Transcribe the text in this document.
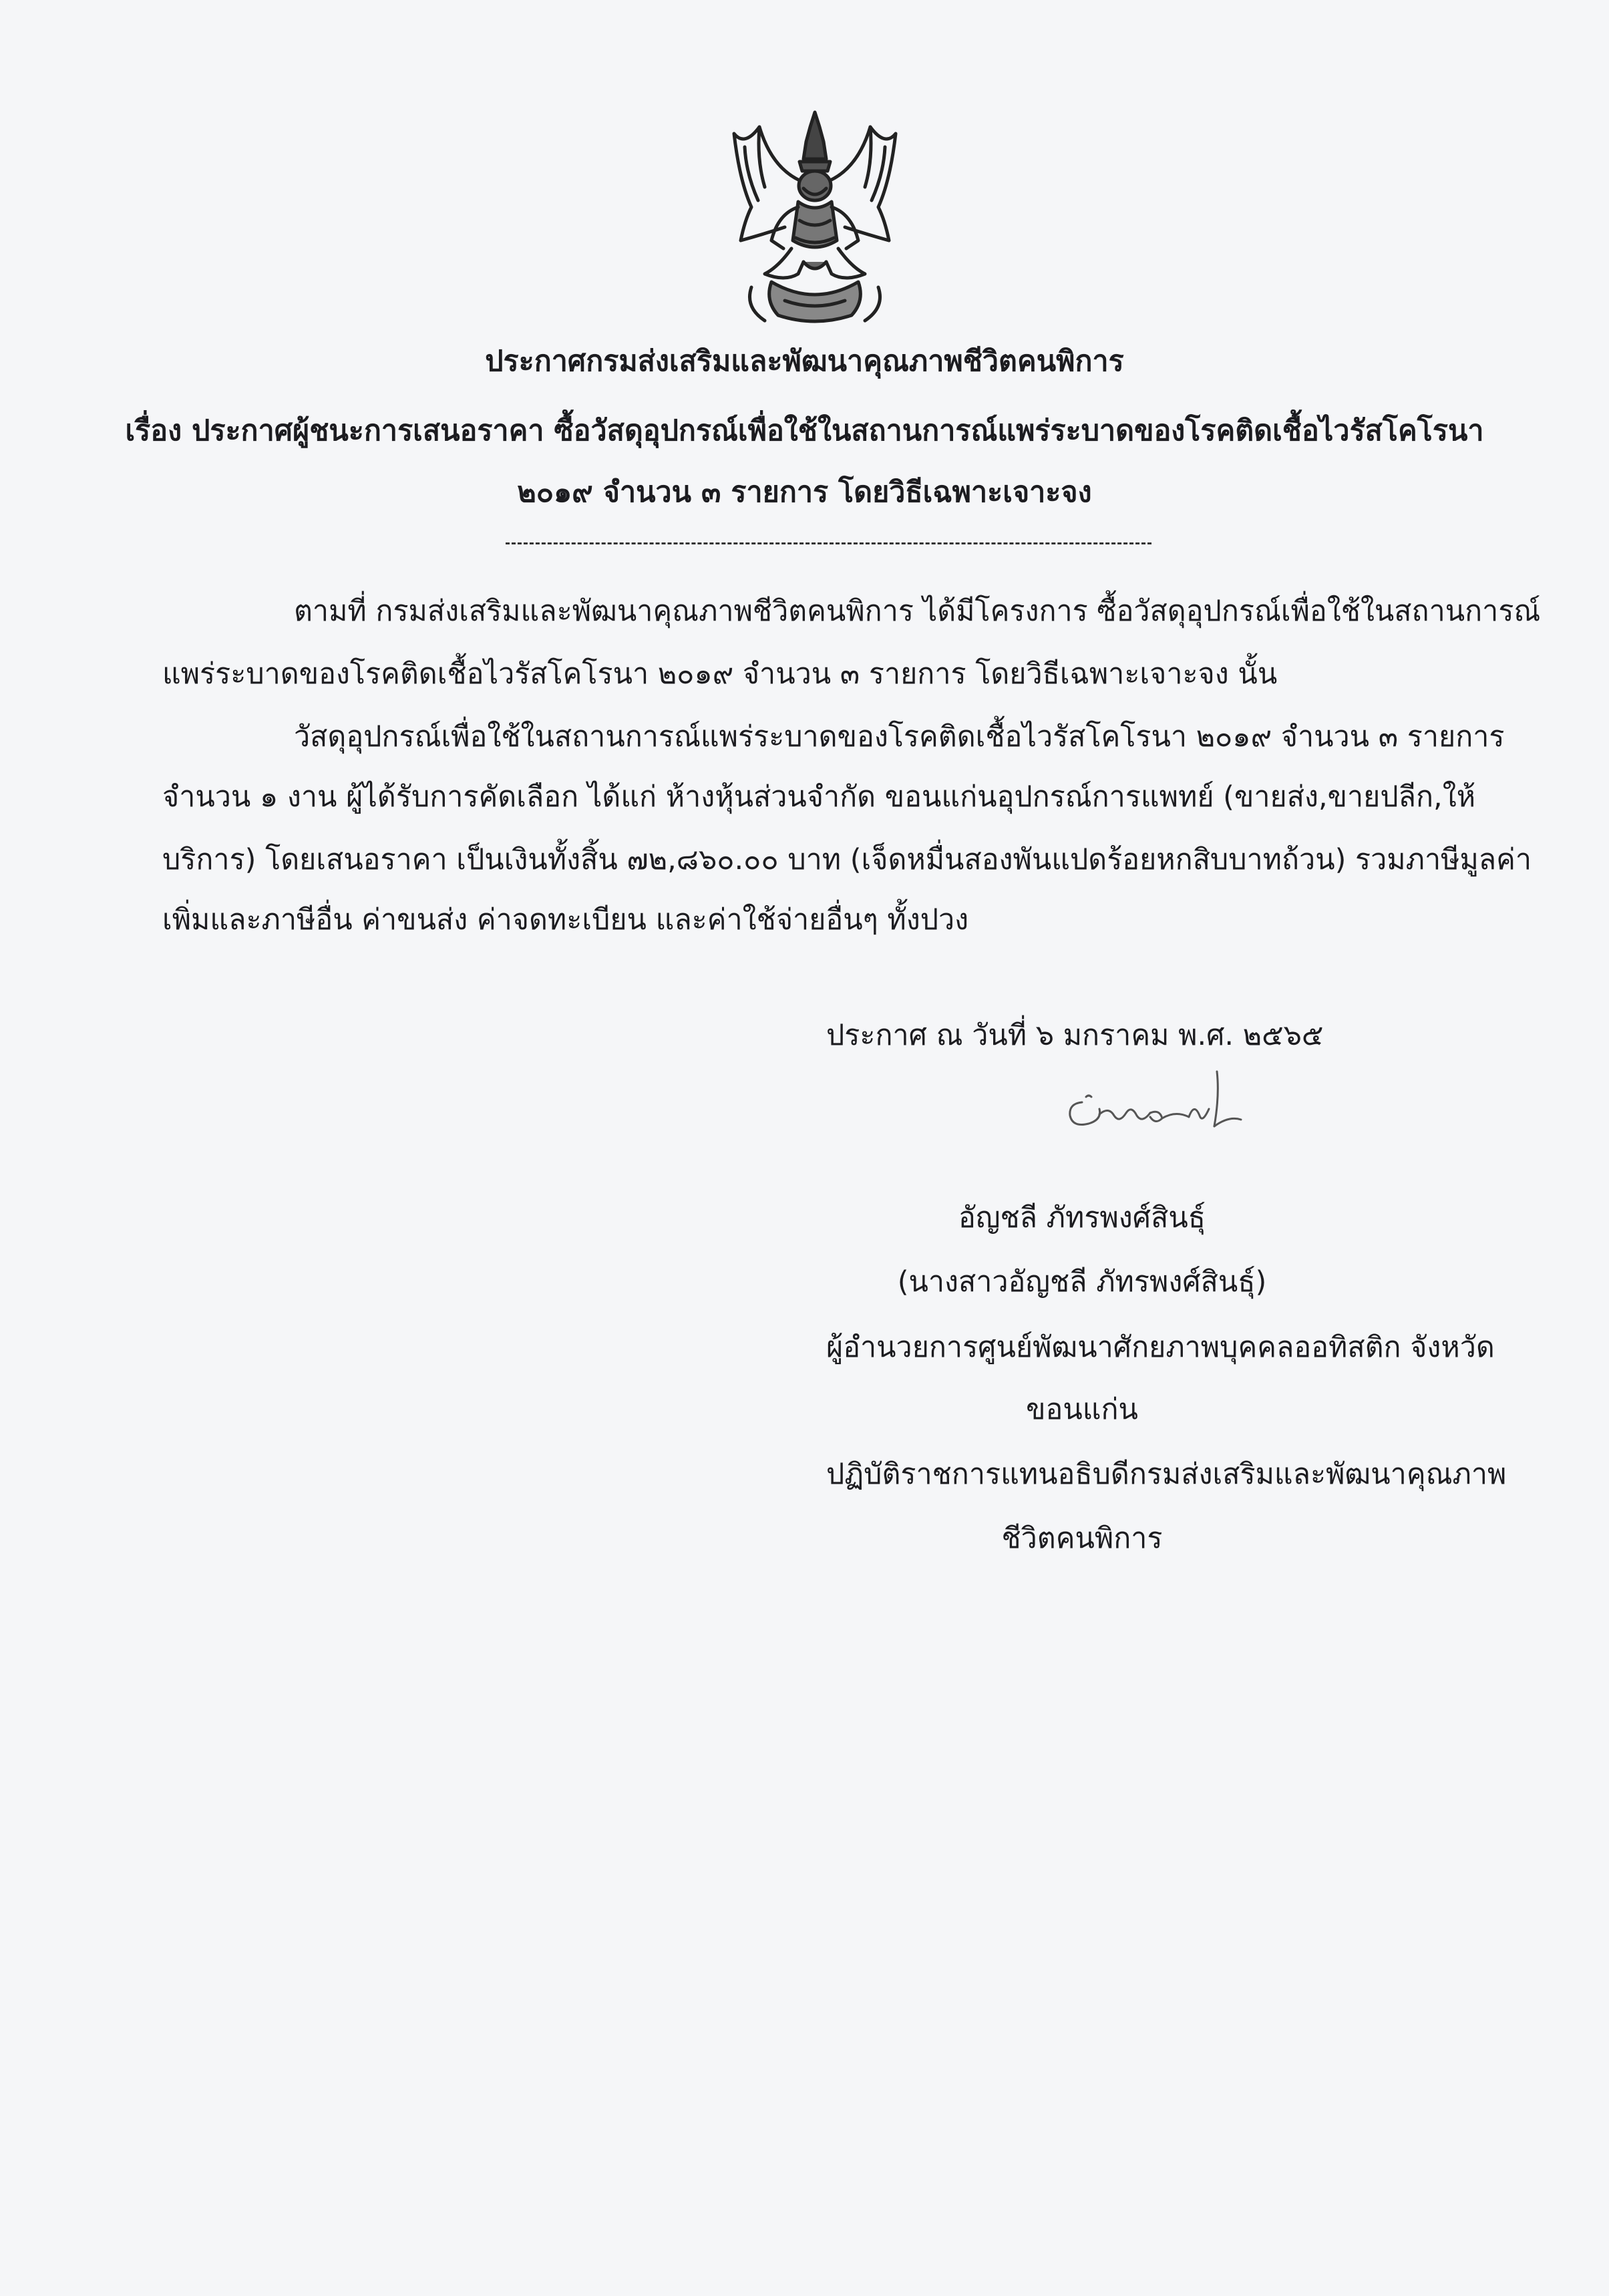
ประกาศกรมส่งเสริมและพัฒนาคุณภาพชีวิตคนพิการ
เรื่อง ประกาศผู้ชนะการเสนอราคา ซื้อวัสดุอุปกรณ์เพื่อใช้ในสถานการณ์แพร่ระบาดของโรคติดเชื้อไวรัสโคโรนา
๒๐๑๙ จำนวน ๓ รายการ โดยวิธีเฉพาะเจาะจง
ตามที่ กรมส่งเสริมและพัฒนาคุณภาพชีวิตคนพิการ ได้มีโครงการ ซื้อวัสดุอุปกรณ์เพื่อใช้ในสถานการณ์
แพร่ระบาดของโรคติดเชื้อไวรัสโคโรนา ๒๐๑๙ จำนวน ๓ รายการ โดยวิธีเฉพาะเจาะจง นั้น
วัสดุอุปกรณ์เพื่อใช้ในสถานการณ์แพร่ระบาดของโรคติดเชื้อไวรัสโคโรนา ๒๐๑๙ จำนวน ๓ รายการ
จำนวน ๑ งาน ผู้ได้รับการคัดเลือก ได้แก่ ห้างหุ้นส่วนจำกัด ขอนแก่นอุปกรณ์การแพทย์ (ขายส่ง,ขายปลีก,ให้
บริการ) โดยเสนอราคา เป็นเงินทั้งสิ้น ๗๒,๘๖๐.๐๐ บาท (เจ็ดหมื่นสองพันแปดร้อยหกสิบบาทถ้วน) รวมภาษีมูลค่า
เพิ่มและภาษีอื่น ค่าขนส่ง ค่าจดทะเบียน และค่าใช้จ่ายอื่นๆ ทั้งปวง
ประกาศ ณ วันที่ ๖ มกราคม พ.ศ. ๒๕๖๕
อัญชลี ภัทรพงศ์สินธุ์
(นางสาวอัญชลี ภัทรพงศ์สินธุ์)
ผู้อำนวยการศูนย์พัฒนาศักยภาพบุคคลออทิสติก จังหวัด
ขอนแก่น
ปฏิบัติราชการแทนอธิบดีกรมส่งเสริมและพัฒนาคุณภาพ
ชีวิตคนพิการ
